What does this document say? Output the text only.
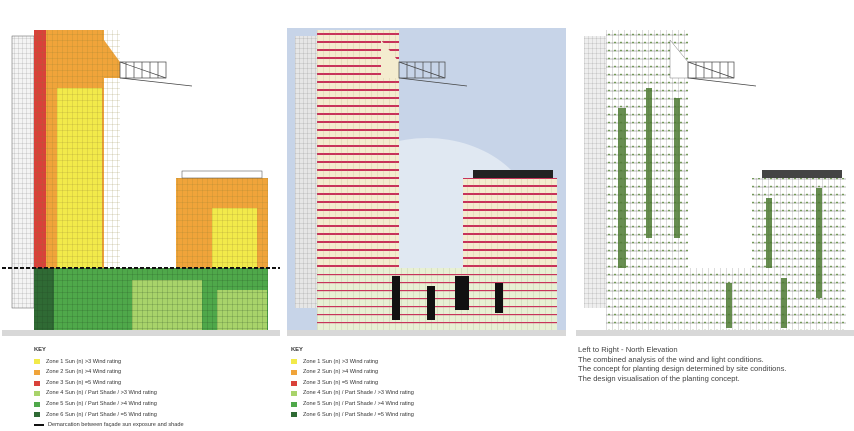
KEY
Zone 1 Sun (n) >3 Wind rating
Zone 2 Sun (n) >4 Wind rating
Zone 3 Sun (n) =5 Wind rating
Zone 4 Sun (n) / Part Shade / >3 Wind rating
Zone 5 Sun (n) / Part Shade / >4 Wind rating
Zone 6 Sun (n) / Part Shade / =5 Wind rating
Demarcation between façade sun exposure and shade
KEY
Zone 1 Sun (n) >3 Wind rating
Zone 2 Sun (n) >4 Wind rating
Zone 3 Sun (n) =5 Wind rating
Zone 4 Sun (n) / Part Shade / >3 Wind rating
Zone 5 Sun (n) / Part Shade / >4 Wind rating
Zone 6 Sun (n) / Part Shade / =5 Wind rating
Left to Right - North Elevation
The combined analysis of the wind and light conditions.
The concept for planting design determined by site conditions.
The design visualisation of the planting concept.
